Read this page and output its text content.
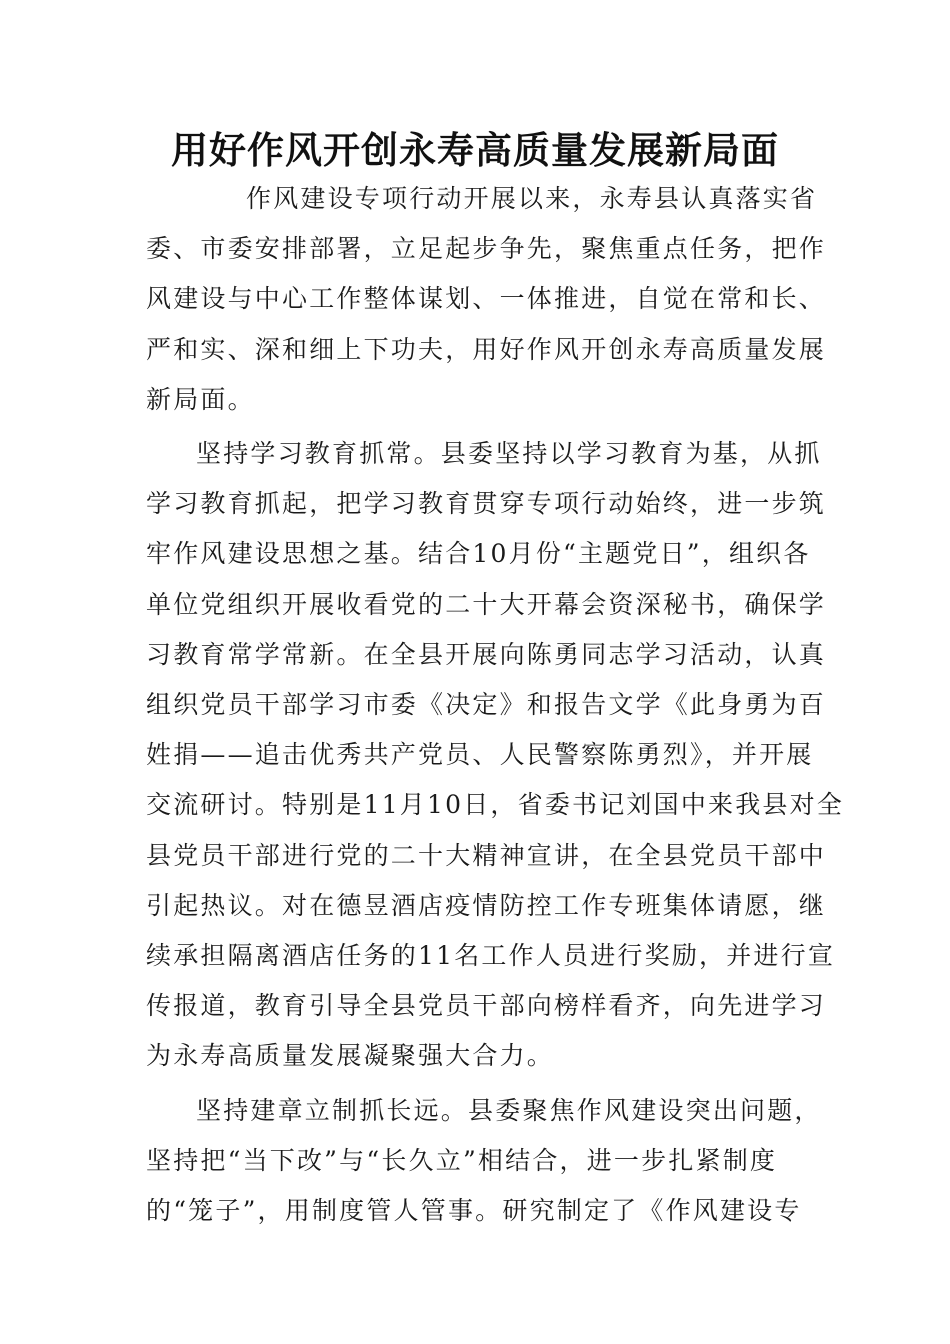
用好作风开创永寿高质量发展新局面

作风建设专项行动开展以来，永寿县认真落实省
委、市委安排部署，立足起步争先，聚焦重点任务，把作
风建设与中心工作整体谋划、一体推进，自觉在常和长、
严和实、深和细上下功夫，用好作风开创永寿高质量发展
新局面。

坚持学习教育抓常。县委坚持以学习教育为基，从抓
学习教育抓起，把学习教育贯穿专项行动始终，进一步筑
牢作风建设思想之基。结合10月份“主题党日”，组织各
单位党组织开展收看党的二十大开幕会资深秘书，确保学
习教育常学常新。在全县开展向陈勇同志学习活动，认真
组织党员干部学习市委《决定》和报告文学《此身勇为百
姓捐——追击优秀共产党员、人民警察陈勇烈》，并开展
交流研讨。特别是11月10日，省委书记刘国中来我县对全
县党员干部进行党的二十大精神宣讲，在全县党员干部中
引起热议。对在德昱酒店疫情防控工作专班集体请愿，继
续承担隔离酒店任务的11名工作人员进行奖励，并进行宣
传报道，教育引导全县党员干部向榜样看齐，向先进学习
为永寿高质量发展凝聚强大合力。

坚持建章立制抓长远。县委聚焦作风建设突出问题，
坚持把“当下改”与“长久立”相结合，进一步扎紧制度
的“笼子”，用制度管人管事。研究制定了《作风建设专
